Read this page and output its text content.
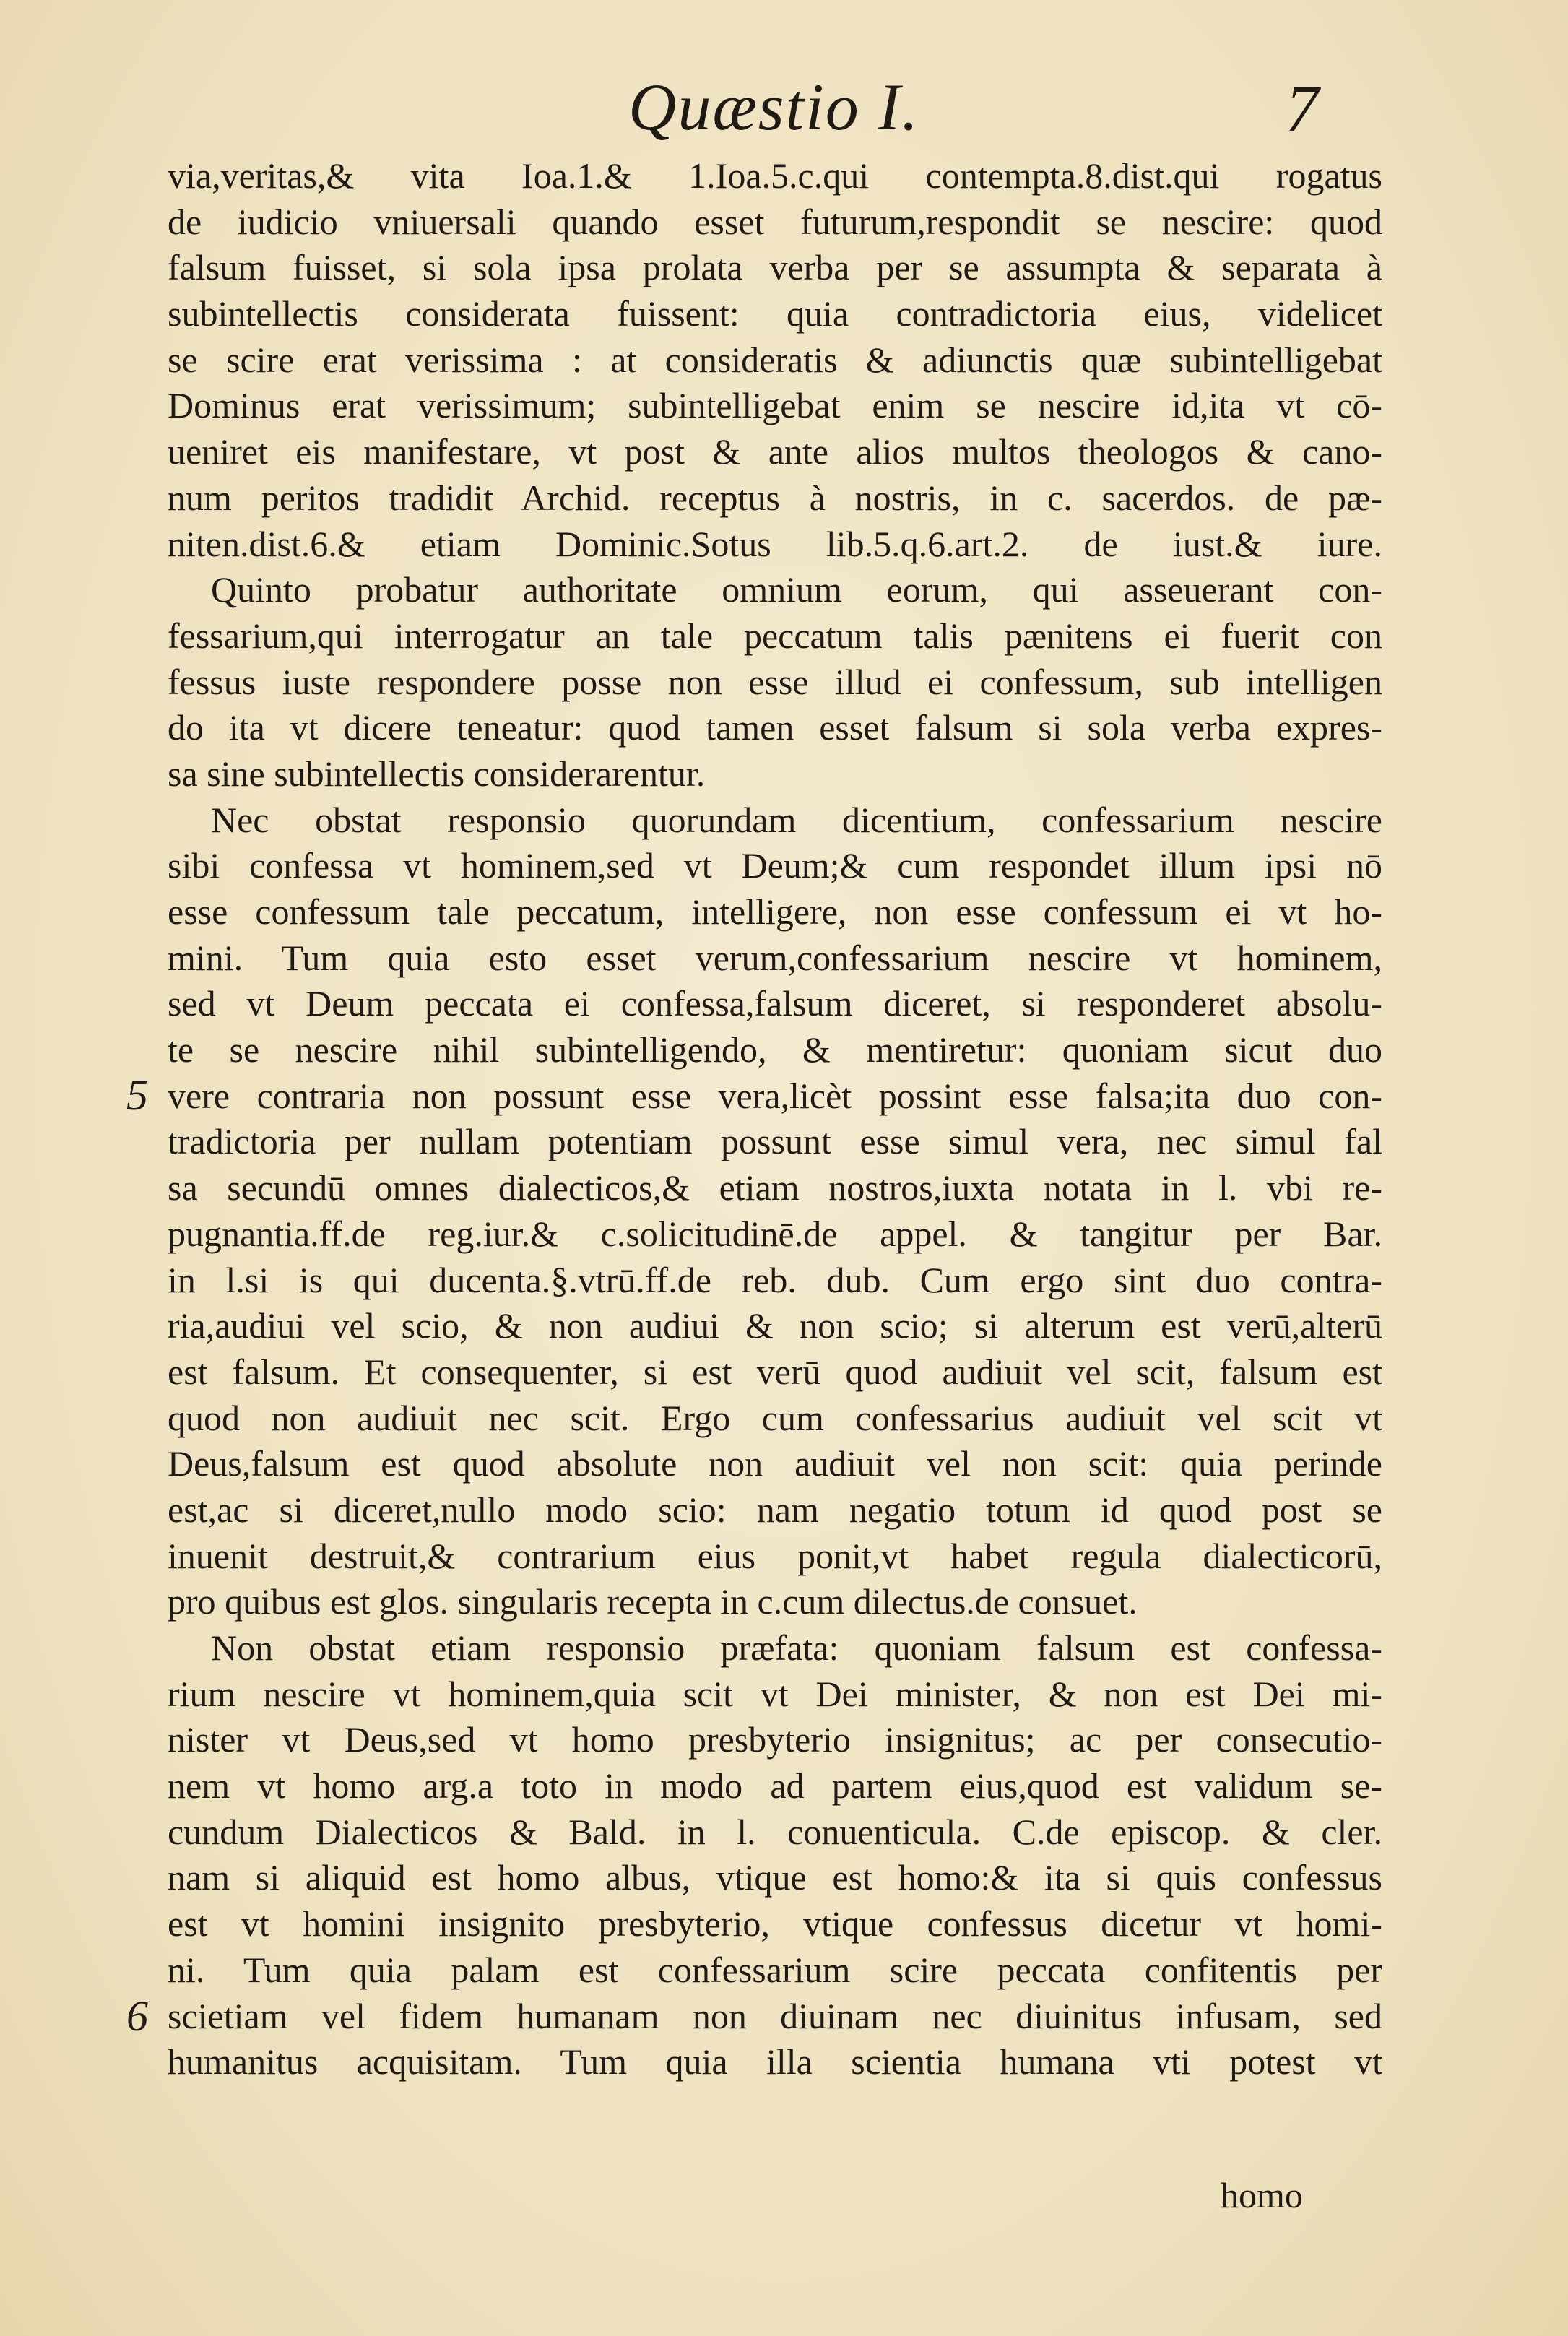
Quæstio I.	7
via,veritas,& vita Ioa.1.& 1.Ioa.5.c.qui contempta.8.dist.qui rogatus
de iudicio vniuersali quando esset futurum,respondit se nescire: quod
falsum fuisset, si sola ipsa prolata verba per se assumpta & separata à
subintellectis considerata fuissent: quia contradictoria eius, videlicet
se scire erat verissima : at consideratis & adiunctis quæ subintelligebat
Dominus erat verissimum; subintelligebat enim se nescire id,ita vt cō-
ueniret eis manifestare, vt post & ante alios multos theologos & cano-
num peritos tradidit Archid. receptus à nostris, in c. sacerdos. de pæ-
niten.dist.6.& etiam Dominic.Sotus lib.5.q.6.art.2. de iust.& iure.
Quinto probatur authoritate omnium eorum, qui asseuerant con-
fessarium,qui interrogatur an tale peccatum talis pænitens ei fuerit con
fessus iuste respondere posse non esse illud ei confessum, sub intelligen
do ita vt dicere teneatur: quod tamen esset falsum si sola verba expres-
sa sine subintellectis considerarentur.
Nec obstat responsio quorundam dicentium, confessarium nescire
sibi confessa vt hominem,sed vt Deum;& cum respondet illum ipsi nō
esse confessum tale peccatum, intelligere, non esse confessum ei vt ho-
mini. Tum quia esto esset verum,confessarium nescire vt hominem,
sed vt Deum peccata ei confessa,falsum diceret, si responderet absolu-
te se nescire nihil subintelligendo, & mentiretur: quoniam sicut duo
vere contraria non possunt esse vera,licèt possint esse falsa;ita duo con-
tradictoria per nullam potentiam possunt esse simul vera, nec simul fal
sa secundū omnes dialecticos,& etiam nostros,iuxta notata in l. vbi re-
pugnantia.ff.de reg.iur.& c.solicitudinē.de appel. & tangitur per Bar.
in l.si is qui ducenta.§.vtrū.ff.de reb. dub. Cum ergo sint duo contra-
ria,audiui vel scio, & non audiui & non scio; si alterum est verū,alterū
est falsum. Et consequenter, si est verū quod audiuit vel scit, falsum est
quod non audiuit nec scit. Ergo cum confessarius audiuit vel scit vt
Deus,falsum est quod absolute non audiuit vel non scit: quia perinde
est,ac si diceret,nullo modo scio: nam negatio totum id quod post se
inuenit destruit,& contrarium eius ponit,vt habet regula dialecticorū,
pro quibus est glos. singularis recepta in c.cum dilectus.de consuet.
Non obstat etiam responsio præfata: quoniam falsum est confessa-
rium nescire vt hominem,quia scit vt Dei minister, & non est Dei mi-
nister vt Deus,sed vt homo presbyterio insignitus; ac per consecutio-
nem vt homo arg.a toto in modo ad partem eius,quod est validum se-
cundum Dialecticos & Bald. in l. conuenticula. C.de episcop. & cler.
nam si aliquid est homo albus, vtique est homo:& ita si quis confessus
est vt homini insignito presbyterio, vtique confessus dicetur vt homi-
ni. Tum quia palam est confessarium scire peccata confitentis per
scietiam vel fidem humanam non diuinam nec diuinitus infusam, sed
humanitus acquisitam. Tum quia illa scientia humana vti potest vt
5
6
homo
